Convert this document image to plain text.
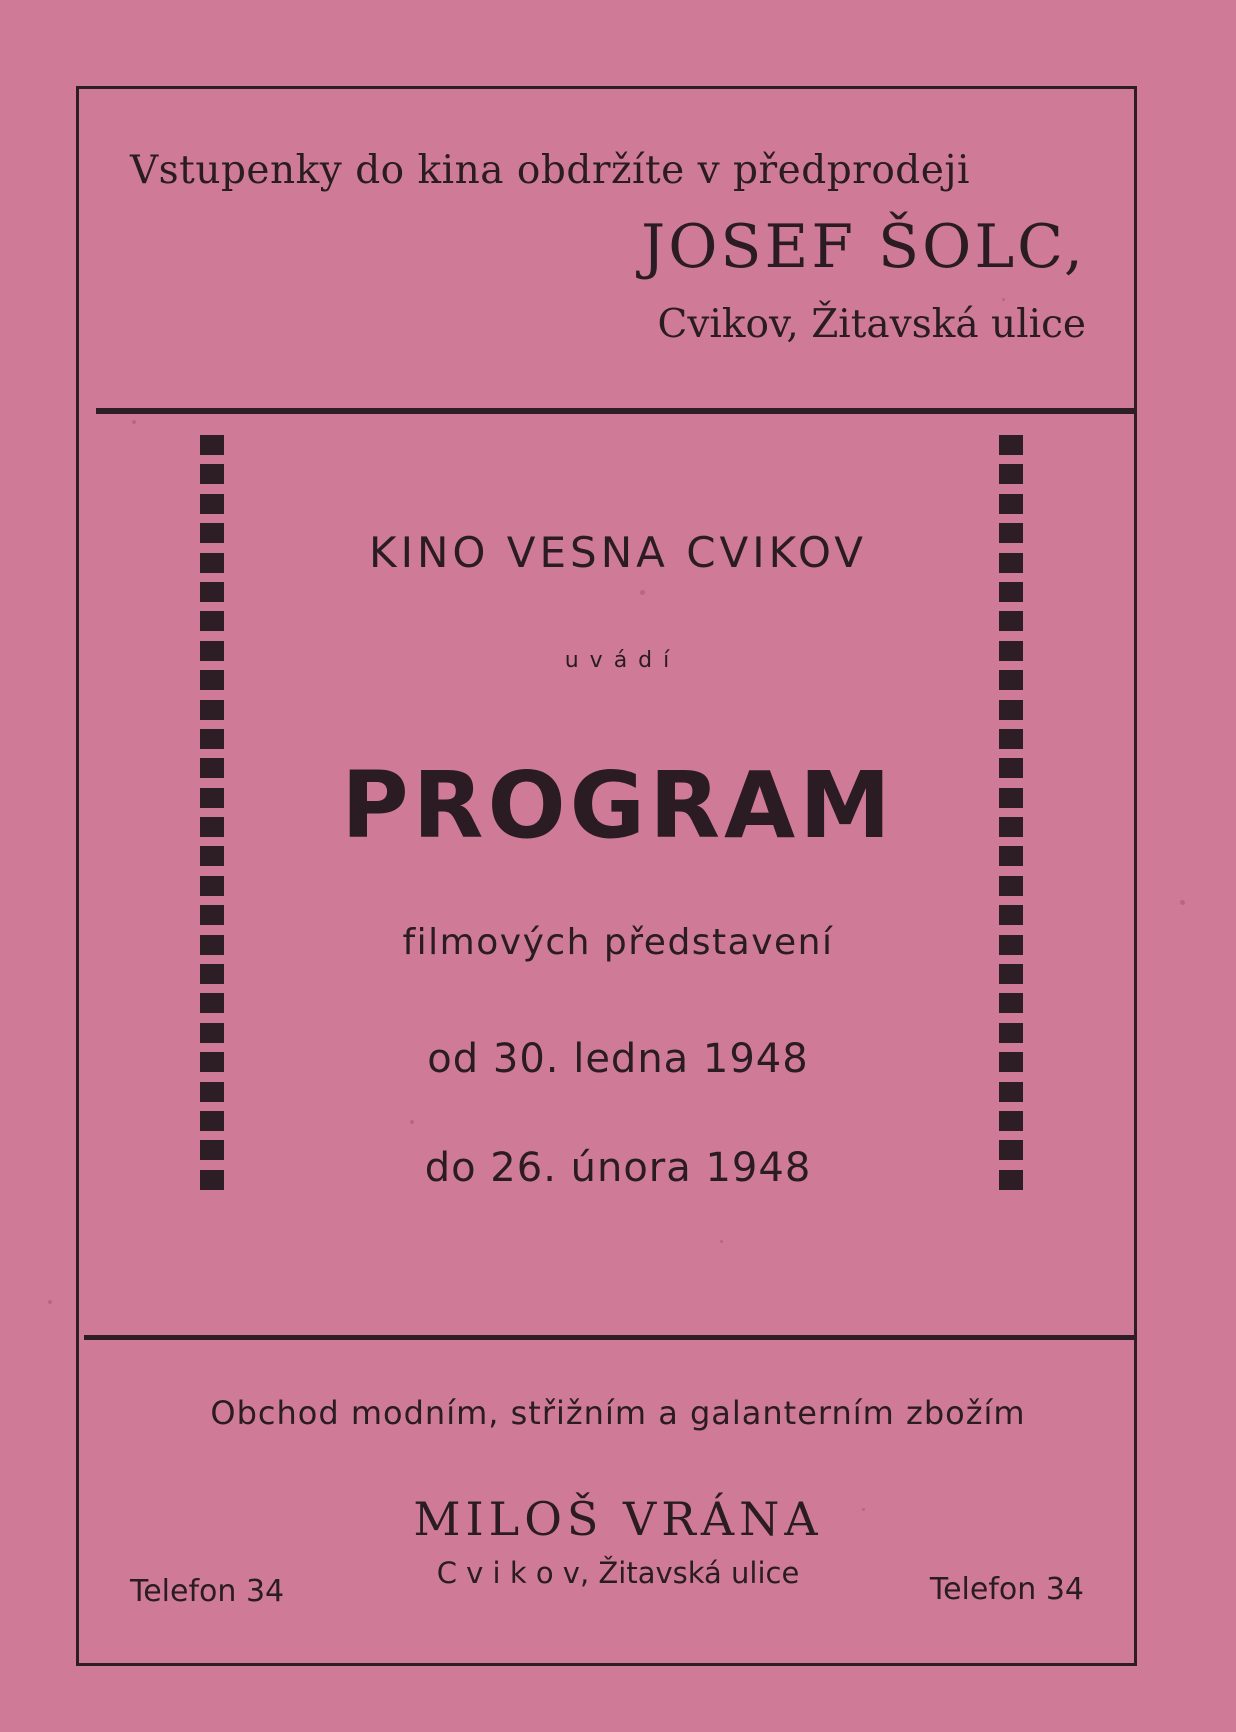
Vstupenky do kina obdržíte v předprodeji

JOSEF ŠOLC,

Cvikov, Žitavská ulice

KINO VESNA CVIKOV

u v á d í

PROGRAM

filmových představení

od 30. ledna 1948

do 26. února 1948

Obchod modním, střižním a galanterním zbožím

MILOŠ VRÁNA

C v i k o v, Žitavská ulice

Telefon 34	Telefon 34
